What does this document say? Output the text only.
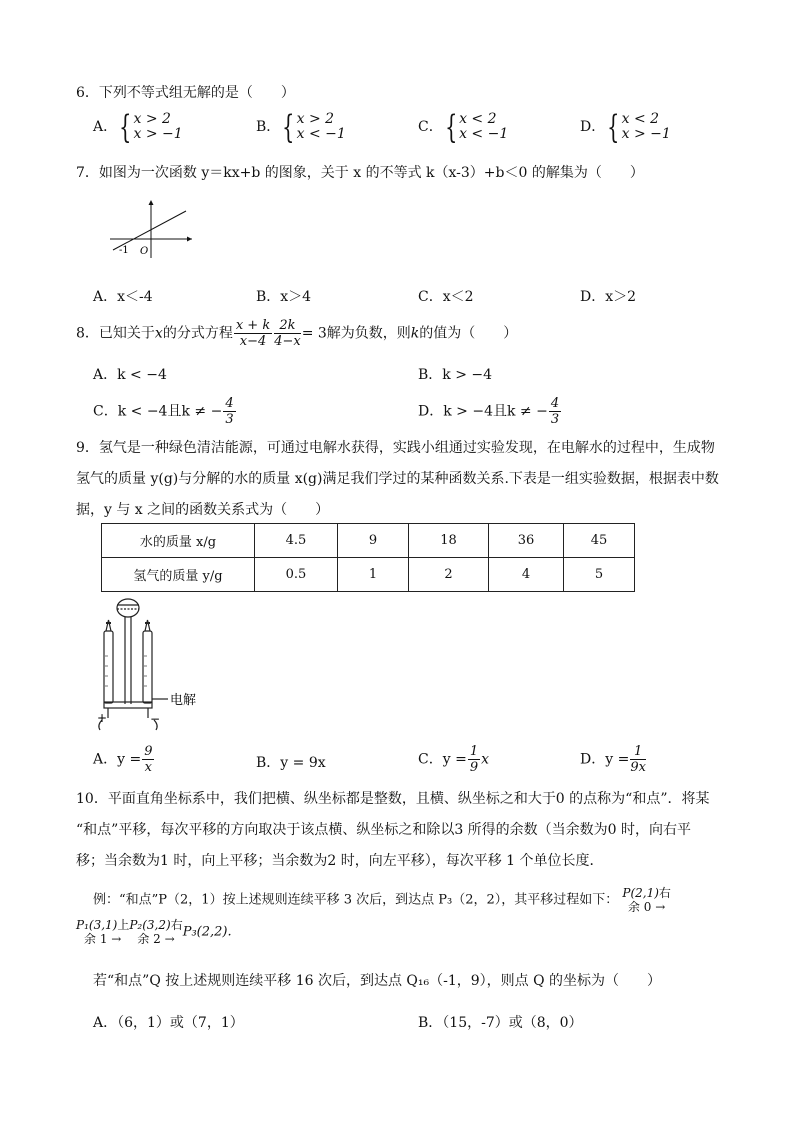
6．下列不等式组无解的是（　　）
A．{ x > 2
x > −1	B．{ x > 2
x < −1	C．{ x < 2
x < −1	D．{ x < 2
x > −1
7．如图为一次函数 y＝kx+b 的图象，关于 x 的不等式 k（x-3）+b＜0 的解集为（　　）
-1 O
A．x＜-4	B．x＞4	C．x＜2	D．x＞2
8．已知关于x的分式方程 $\frac{x + k}{x-4} \frac{2k}{4-x} = 3$解为负数，则k的值为（　　）
A．k < −4	B．k > −4
C．k < −4且k ≠ − $\frac{4}{3}$	D．k > −4且k ≠ − $\frac{4}{3}$
9．氢气是一种绿色清洁能源，可通过电解水获得，实践小组通过实验发现，在电解水的过程中，生成物
氢气的质量 y(g)与分解的水的质量 x(g)满足我们学过的某种函数关系.下表是一组实验数据，根据表中数
据，y 与 x 之间的函数关系式为（　　）
水的质量 x/g	4.5	9	18	36	45
氢气的质量 y/g	0.5	1	2	4	5
电解
+	−
A．$y = \frac{9}{x}$	B．y = 9x	C．$y = \frac{1}{9}$ x	D．$y = \frac{1}{9x}$
10．平面直角坐标系中，我们把横、纵坐标都是整数，且横、纵坐标之和大于0 的点称为“和点”．将某
“和点”平移，每次平移的方向取决于该点横、纵坐标之和除以3 所得的余数（当余数为0 时，向右平
移；当余数为1 时，向上平移；当余数为2 时，向左平移），每次平移 1 个单位长度．
例：“和点”P（2，1）按上述规则连续平移 3 次后，到达点 P₃（2，2），其平移过程如下： P(2,1)右
余 0 →
P₁(3,1)上
余 1 →
P₂(3,2)右
余 2 → P₃(2,2).
若“和点”Q 按上述规则连续平移 16 次后，到达点 Q₁₆（-1，9），则点 Q 的坐标为（　　）
A．（6，1）或（7，1）	B．（15，-7）或（8，0）
